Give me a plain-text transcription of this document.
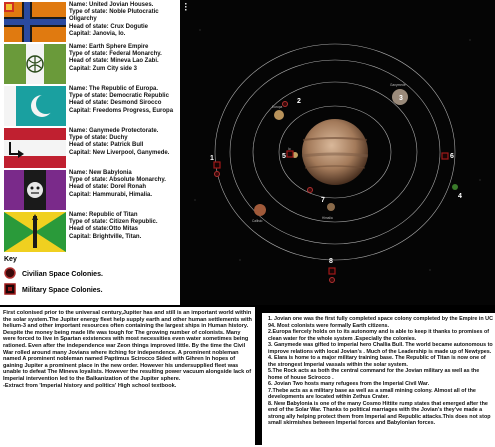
Name: United Jovian Houses.
Type of state: Noble Plutocratic Oligarchy
Head of state: Crux Dogutie
Capital: Janovia, Io.
Name: Earth Sphere Empire
Type of state: Federal Monarchy.
Head of state: Mineva Lao Zabi.
Capital: Zum City side 3
Name: The Republic of Europa.
Type of state: Democratic Republic
Head of state: Desmond Sirocco
Capital: Freedoms Progress, Europa
Name: Ganymede Protectorate.
Type of state: Duchy
Head of state: Patrick Bull
Capital: New Liverpool, Ganymede.
Name: New Babylonia
Type of state: Absolute Monarchy.
Head of state: Dorel Ronah
Capital: Hammurabi, Himalia.
Name: Republic of Titan
Type of state: Citizen Republic.
Head of state:Otto Mitas
Capital: Brightville, Titan.
Key
Civilian Space Colonies.
Military Space Colonies.
Europa
Io
Ganymede
Callisto
Himalia
1
2	3
4
5	6
7
8
First colonised prior to the universal century,Jupiter has and still is an important world within the solar system.The Jupiter energy fleet help supply earth and other human settlements with helium-3 and other important resources often containing the largest ships in Human history. Despite the money being made life was tough for The growing number of colonists. Many were forced to live in Spartan existences with most necessities even water sometimes being rationed. Even after the independence war Zeon things improved little. By the time the Civil War rolled around many Jovians where itching for independence. A prominent nobleman named A prominent nobleman named Paptimus Scirocco Sided with Gihren In hopes of gaining Jupiter a prominent place in the new order. However his undersupplied fleet was unable to defeat The Mineva loyalists. However the resulting power vacuum alongside lack of Imperial intervention led to the Balkanization of the Jupiter sphere.
-Extract from 'Imperial history and politics' High school textbook.
1. Jovian one was the first fully completed space colony completed by the Empire in UC 94. Most colonists were formally Earth citizens.
2.Europa fiercely holds on to its autonomy and is able to keep it thanks to promises of clean water for the whole system .Especially the colonies.
3. Ganymede was gifted to imperial hero Challia Bull. The world became autonomous to improve relations with local Jovian's . Much of the Leadership is made up of Newtypes.
4. Elara is home to a major military training base. The Republic of Titan is now one of the strongest Imperial vassals within the solar system.
5.The Rock acts as both the central command for the Jovian military as well as the home of house Scirocco .
6. Jovian Two hosts many refugees from the Imperial Civil War.
7.Thebe acts as a military base as well as a small mining colony. Almost all of the developments are located within Zethus Crater.
8. New Babylonia is one of the many Cosmo Hittite rump states that emerged after the end of the Solar War. Thanks to political marriages with the Jovian's they've made a strong ally helping protect them from Imperial and Republic attacks.This does not stop small skirmishes between Imperial forces and Babylonian forces.
